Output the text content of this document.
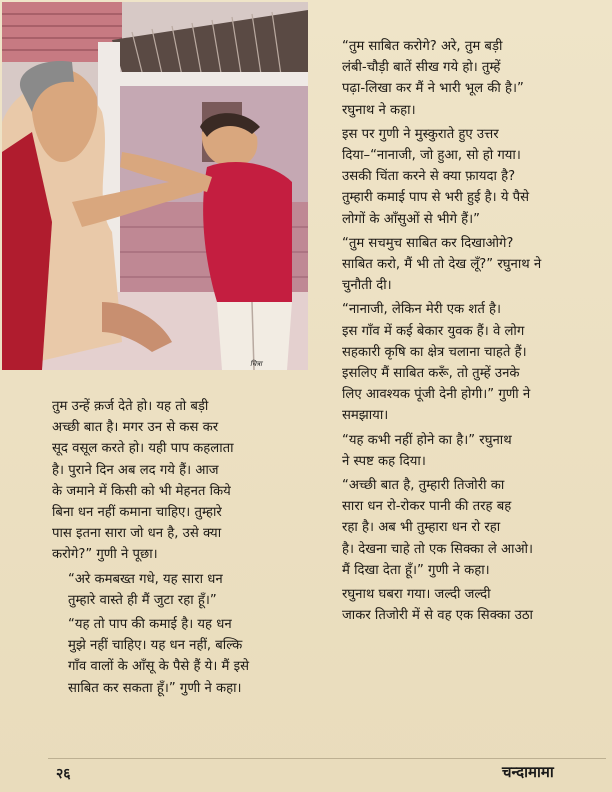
चित्रा

“तुम साबित करोगे? अरे, तुम बड़ी
लंबी-चौड़ी बातें सीख गये हो। तुम्हें
पढ़ा-लिखा कर मैं ने भारी भूल की है।”
रघुनाथ ने कहा।

इस पर गुणी ने मुस्कुराते हुए उत्तर
दिया–“नानाजी, जो हुआ, सो हो गया।
उसकी चिंता करने से क्या फ़ायदा है?
तुम्हारी कमाई पाप से भरी हुई है। ये पैसे
लोगों के आँसुओं से भीगे हैं।”

“तुम सचमुच साबित कर दिखाओगे?
साबित करो, मैं भी तो देख लूँ?” रघुनाथ ने
चुनौती दी।

“नानाजी, लेकिन मेरी एक शर्त है।
इस गाँव में कई बेकार युवक हैं। वे लोग
सहकारी कृषि का क्षेत्र चलाना चाहते हैं।
इसलिए मैं साबित करूँ, तो तुम्हें उनके
लिए आवश्यक पूंजी देनी होगी।” गुणी ने
समझाया।

“यह कभी नहीं होने का है।” रघुनाथ
ने स्पष्ट कह दिया।

“अच्छी बात है, तुम्हारी तिजोरी का
सारा धन रो-रोकर पानी की तरह बह
रहा है। अब भी तुम्हारा धन रो रहा
है। देखना चाहे तो एक सिक्का ले आओ।
मैं दिखा देता हूँ।” गुणी ने कहा।

रघुनाथ घबरा गया। जल्दी जल्दी
जाकर तिजोरी में से वह एक सिक्का उठा

तुम उन्हें क़र्ज देते हो। यह तो बड़ी
अच्छी बात है। मगर उन से कस कर
सूद वसूल करते हो। यही पाप कहलाता
है। पुराने दिन अब लद गये हैं। आज
के जमाने में किसी को भी मेहनत किये
बिना धन नहीं कमाना चाहिए। तुम्हारे
पास इतना सारा जो धन है, उसे क्या
करोगे?” गुणी ने पूछा।

“अरे कमबख्त गधे, यह सारा धन
तुम्हारे वास्ते ही मैं जुटा रहा हूँ।”

“यह तो पाप की कमाई है। यह धन
मुझे नहीं चाहिए। यह धन नहीं, बल्कि
गाँव वालों के आँसू के पैसे हैं ये। मैं इसे
साबित कर सकता हूँ।” गुणी ने कहा।

२६	चन्दामामा
